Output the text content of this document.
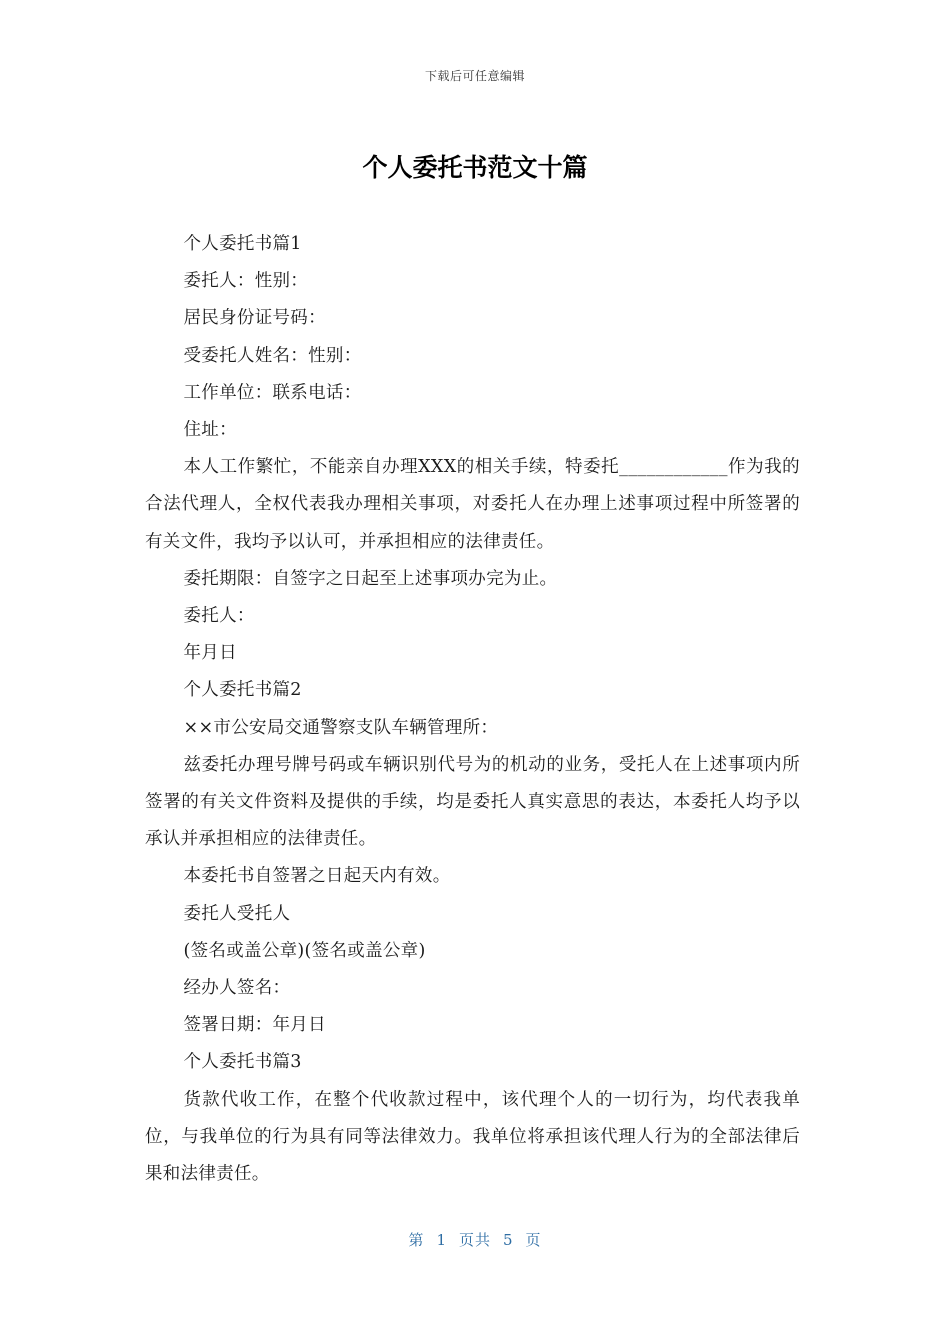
下载后可任意编辑
个人委托书范文十篇

个人委托书篇1

委托人：性别：

居民身份证号码：

受委托人姓名：性别：

工作单位：联系电话：

住址：

本人工作繁忙，不能亲自办理XXX的相关手续，特委托____________作为我的合法代理人，全权代表我办理相关事项，对委托人在办理上述事项过程中所签署的有关文件，我均予以认可，并承担相应的法律责任。

委托期限：自签字之日起至上述事项办完为止。

委托人：

年月日

个人委托书篇2

××市公安局交通警察支队车辆管理所：

兹委托办理号牌号码或车辆识别代号为的机动的业务，受托人在上述事项内所签署的有关文件资料及提供的手续，均是委托人真实意思的表达，本委托人均予以承认并承担相应的法律责任。

本委托书自签署之日起天内有效。

委托人受托人

(签名或盖公章)(签名或盖公章)

经办人签名：

签署日期：年月日

个人委托书篇3

货款代收工作，在整个代收款过程中，该代理个人的一切行为，均代表我单位，与我单位的行为具有同等法律效力。我单位将承担该代理人行为的全部法律后果和法律责任。

第 1 页共 5 页
